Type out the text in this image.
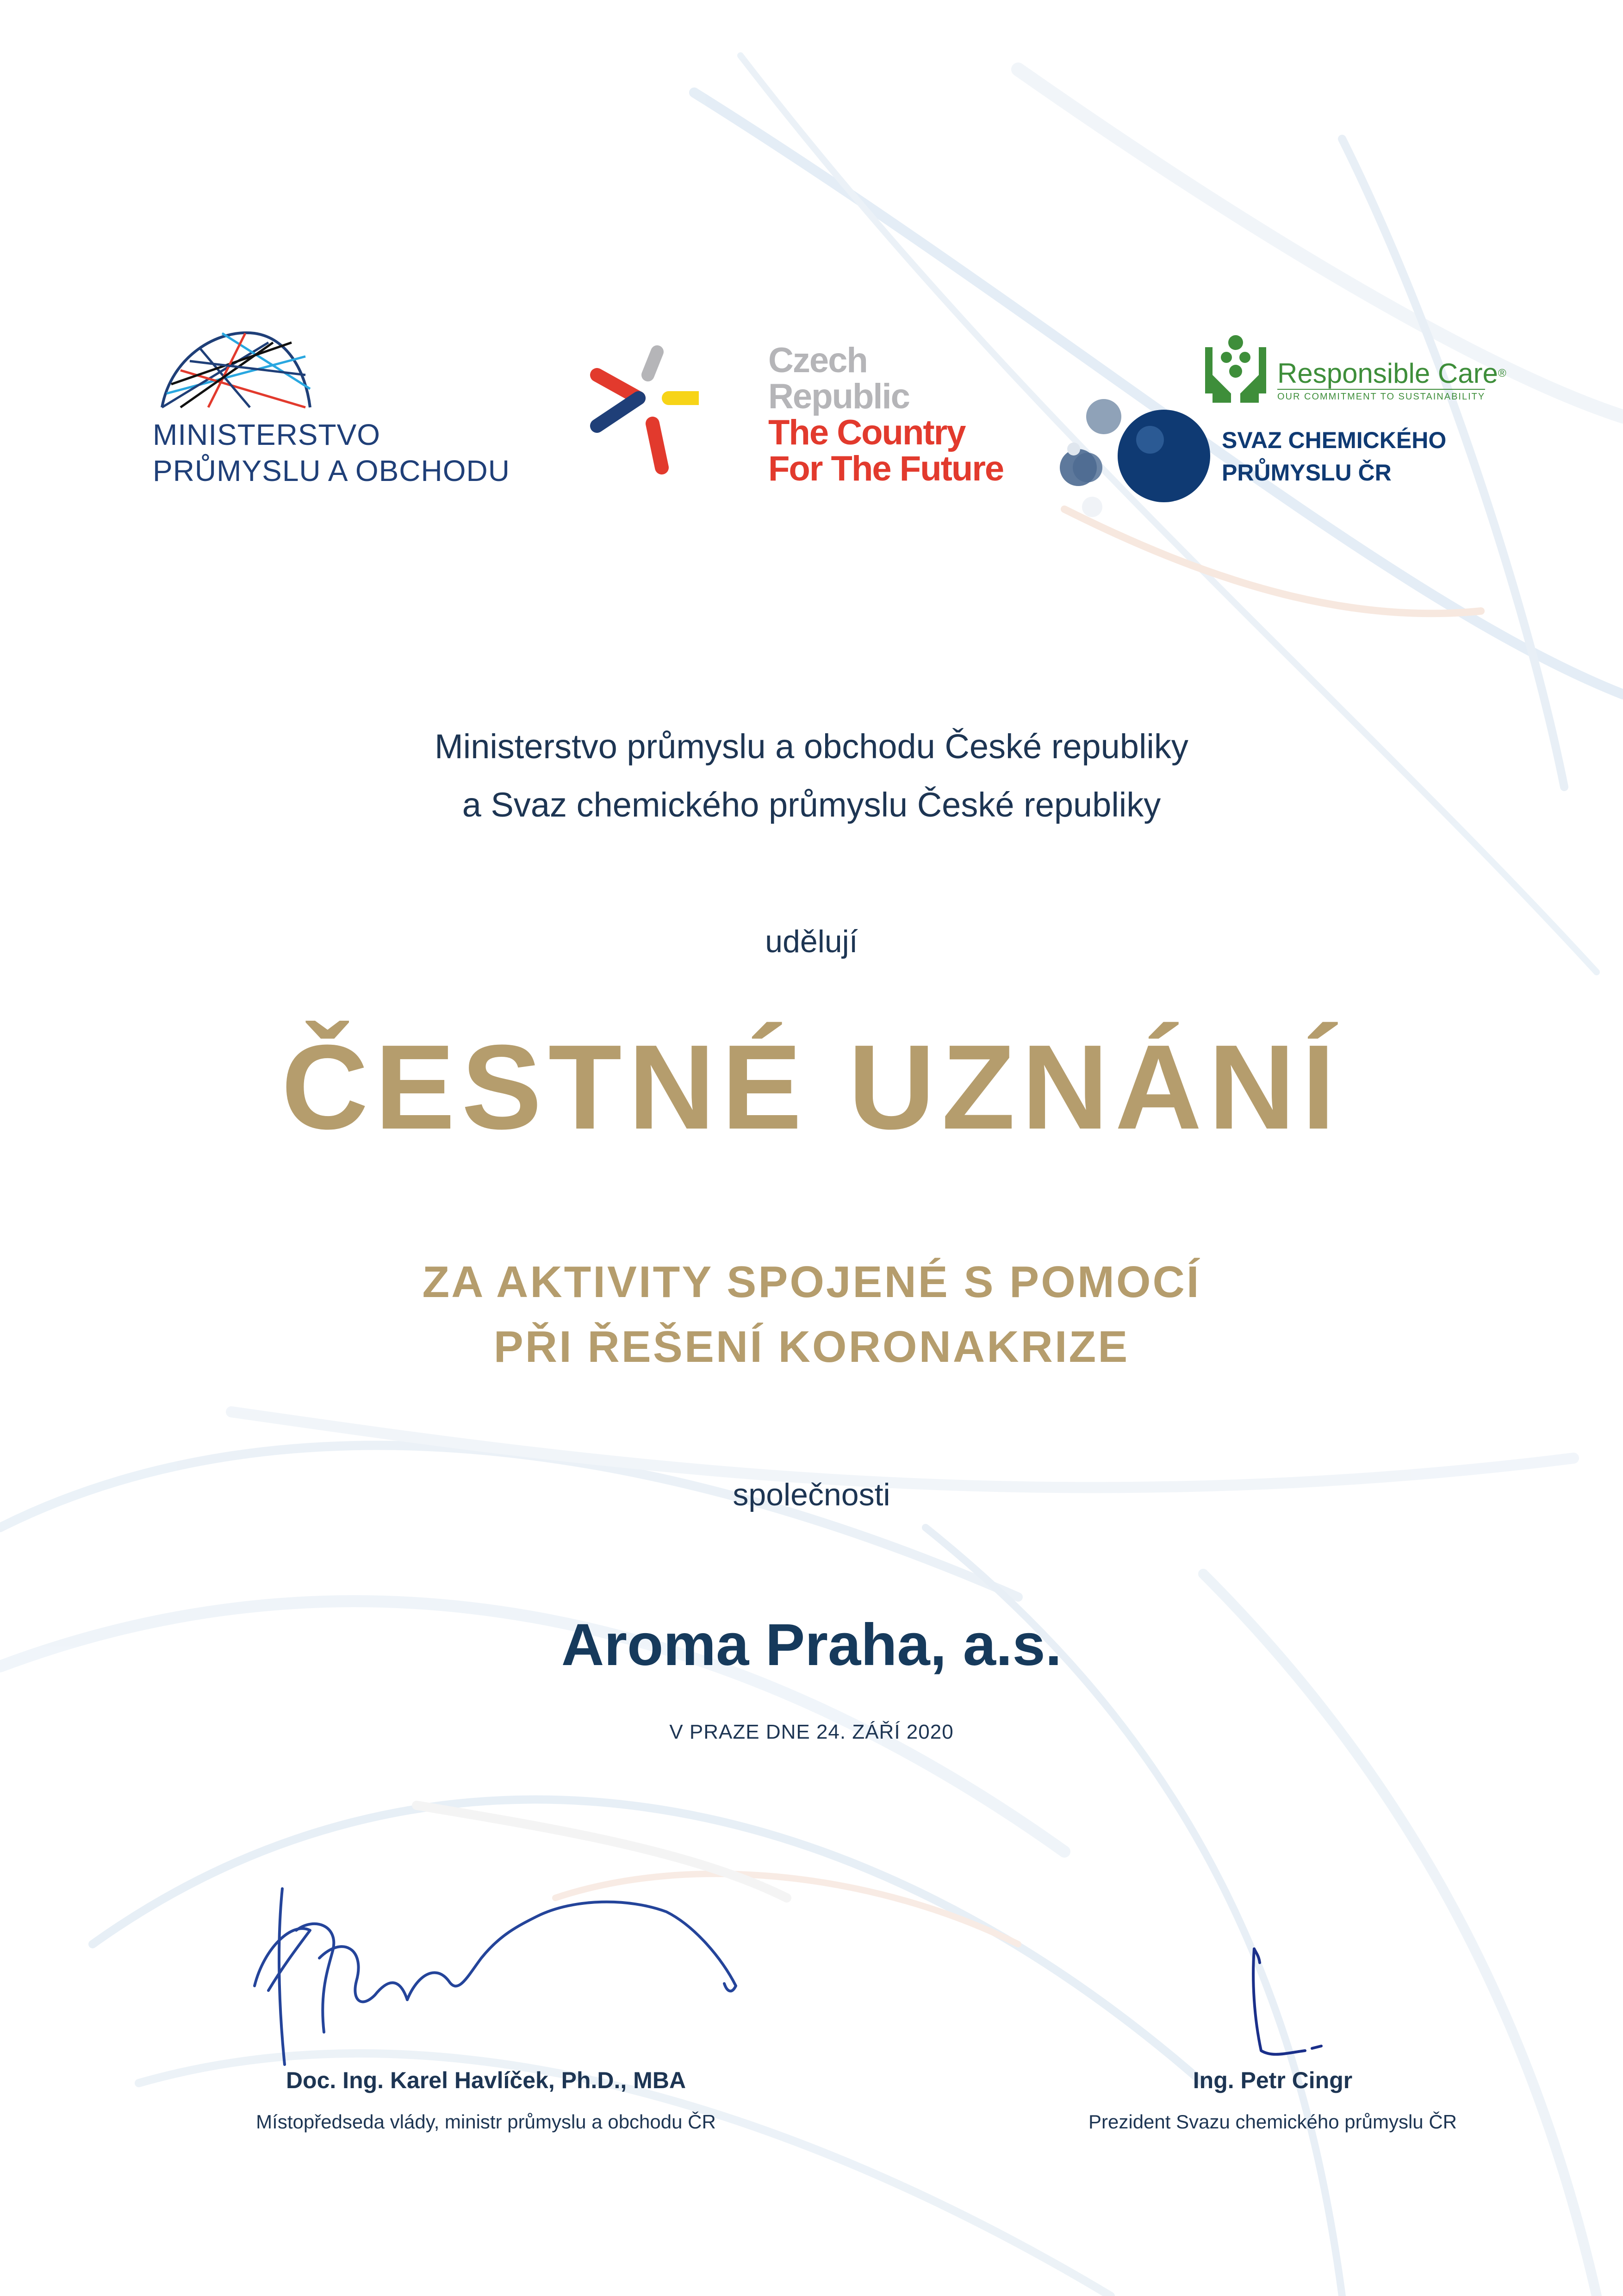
MINISTERSTVO
PRŮMYSLU A OBCHODU
Czech
Republic
The Country
For The Future
Responsible Care®
OUR COMMITMENT TO SUSTAINABILITY
SVAZ CHEMICKÉHO
PRŮMYSLU ČR
Ministerstvo průmyslu a obchodu České republiky
a Svaz chemického průmyslu České republiky
udělují
ČESTNÉ UZNÁNÍ
ZA AKTIVITY SPOJENÉ S POMOCÍ
PŘI ŘEŠENÍ KORONAKRIZE
společnosti
Aroma Praha, a.s.
V PRAZE DNE 24. ZÁŘÍ 2020
Doc. Ing. Karel Havlíček, Ph.D., MBA
Místopředseda vlády, ministr průmyslu a obchodu ČR
Ing. Petr Cingr
Prezident Svazu chemického průmyslu ČR
